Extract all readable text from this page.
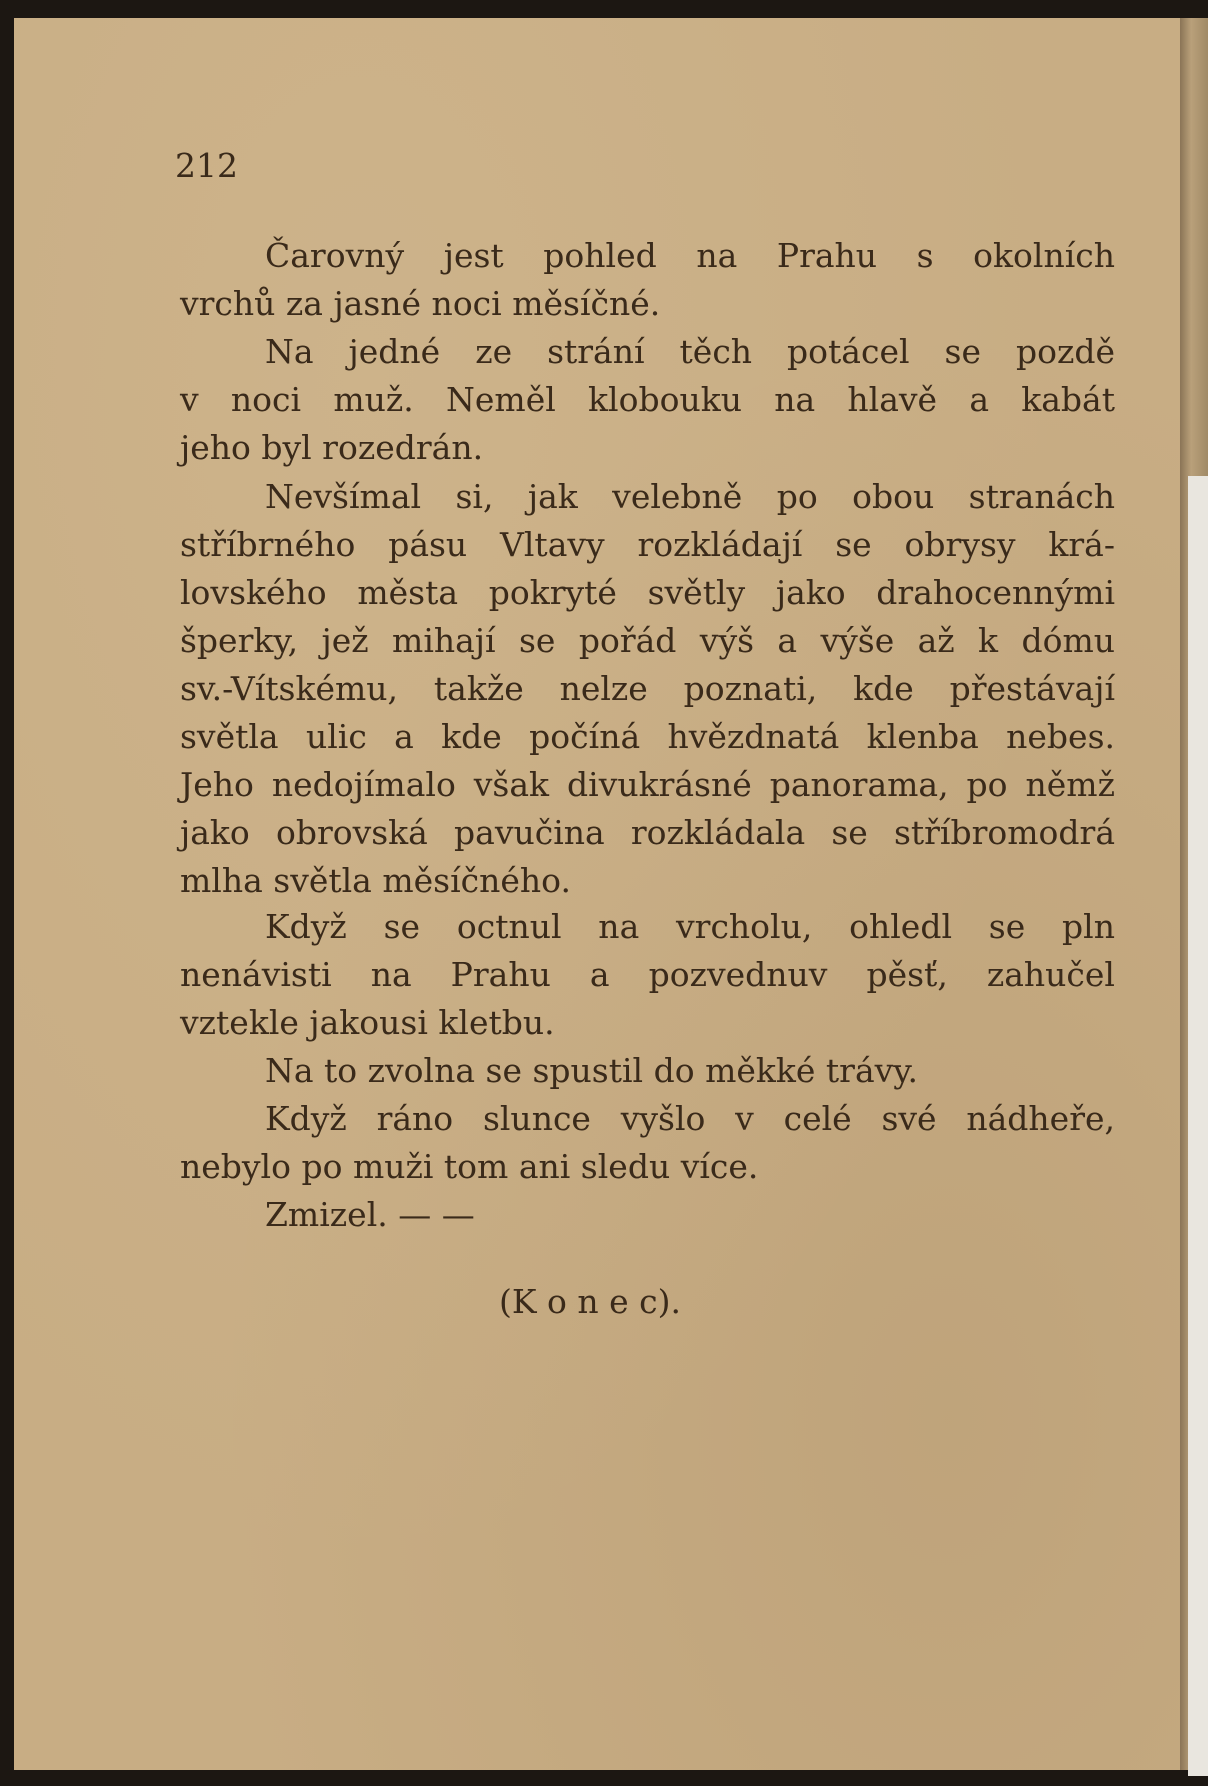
212
Čarovný jest pohled na Prahu s okolních
vrchů za jasné noci měsíčné.
Na jedné ze strání těch potácel se pozdě
v noci muž. Neměl klobouku na hlavě a kabát
jeho byl rozedrán.
Nevšímal si, jak velebně po obou stranách
stříbrného pásu Vltavy rozkládají se obrysy krá-
lovského města pokryté světly jako drahocennými
šperky, jež mihají se pořád výš a výše až k dómu
sv.-Vítskému, takže nelze poznati, kde přestávají
světla ulic a kde počíná hvězdnatá klenba nebes.
Jeho nedojímalo však divukrásné panorama, po němž
jako obrovská pavučina rozkládala se stříbromodrá
mlha světla měsíčného.
Když se octnul na vrcholu, ohledl se pln
nenávisti na Prahu a pozvednuv pěsť, zahučel
vztekle jakousi kletbu.
Na to zvolna se spustil do měkké trávy.
Když ráno slunce vyšlo v celé své nádheře,
nebylo po muži tom ani sledu více.
Zmizel. — —
(K o n e c).
